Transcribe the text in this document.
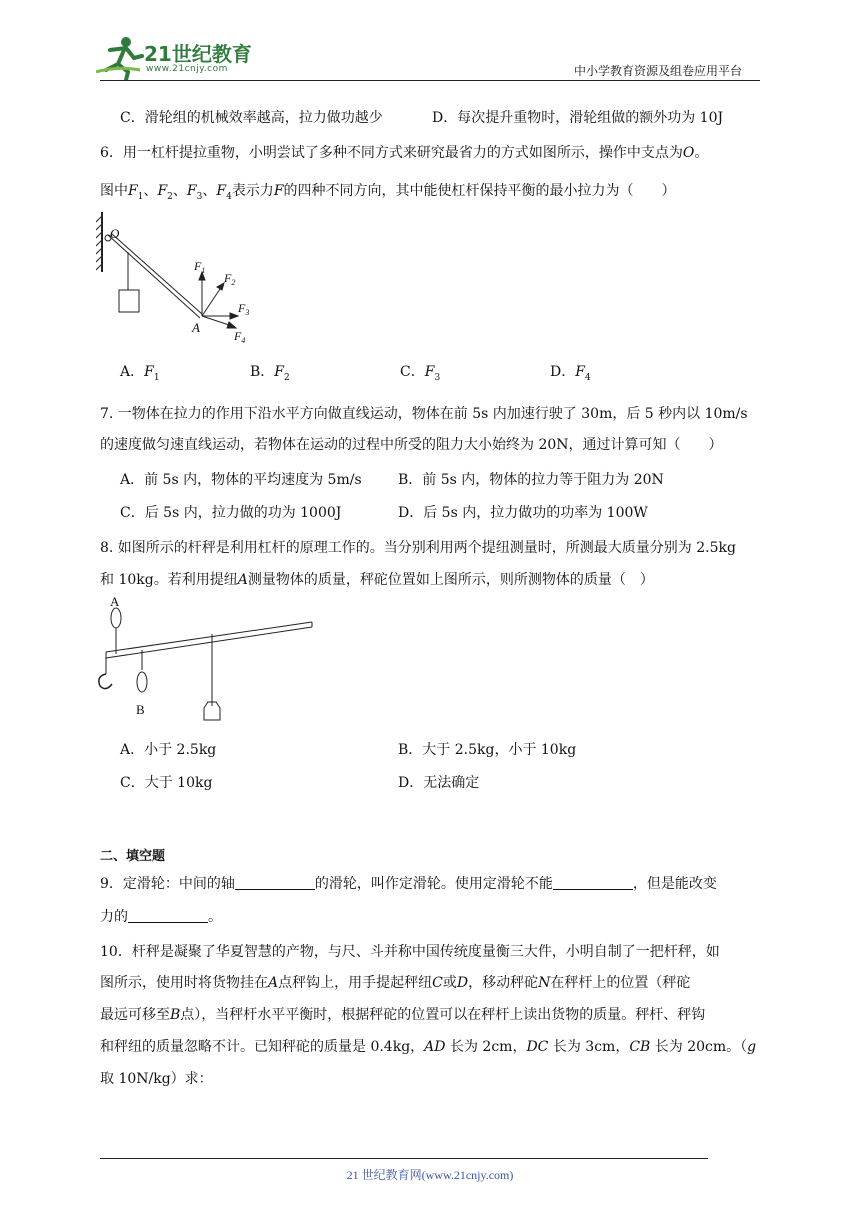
21世纪教育
www.21cnjy.com	中小学教育资源及组卷应用平台
C．滑轮组的机械效率越高，拉力做功越少	D．每次提升重物时，滑轮组做的额外功为 10J
6．用一杠杆提拉重物，小明尝试了多种不同方式来研究最省力的方式如图所示，操作中支点为O。
图中$F_1$、$F_2$、$F_3$、$F_4$表示力F的四种不同方向，其中能使杠杆保持平衡的最小拉力为（　　）
O
A
$F_1$
$F_2$
$F_3$
$F_4$
A．$F_1$	B．$F_2$	C．$F_3$	D．$F_4$
7. 一物体在拉力的作用下沿水平方向做直线运动，物体在前 5s 内加速行驶了 30m，后 5 秒内以 10m/s
的速度做匀速直线运动，若物体在运动的过程中所受的阻力大小始终为 20N，通过计算可知（　　）
A．前 5s 内，物体的平均速度为 5m/s	B．前 5s 内，物体的拉力等于阻力为 20N
C．后 5s 内，拉力做的功为 1000J	D．后 5s 内，拉力做功的功率为 100W
8. 如图所示的杆秤是利用杠杆的原理工作的。当分别利用两个提纽测量时，所测最大质量分别为 2.5kg
和 10kg。若利用提纽A测量物体的质量，秤砣位置如上图所示，则所测物体的质量（　）
A
B
A．小于 2.5kg	B．大于 2.5kg，小于 10kg
C．大于 10kg	D．无法确定
二、填空题
9．定滑轮：中间的轴	的滑轮，叫作定滑轮。使用定滑轮不能	，但是能改变
力的	。
10．杆秤是凝聚了华夏智慧的产物，与尺、斗并称中国传统度量衡三大件，小明自制了一把杆秤，如
图所示，使用时将货物挂在A点秤钩上，用手提起秤纽C或D，移动秤砣N在秤杆上的位置（秤砣
最远可移至B点），当秤杆水平平衡时，根据秤砣的位置可以在秤杆上读出货物的质量。秤杆、秤钩
和秤纽的质量忽略不计。已知秤砣的质量是 0.4kg，AD 长为 2cm，DC 长为 3cm，CB 长为 20cm。（g
取 10N/kg）求：
21 世纪教育网(www.21cnjy.com)
